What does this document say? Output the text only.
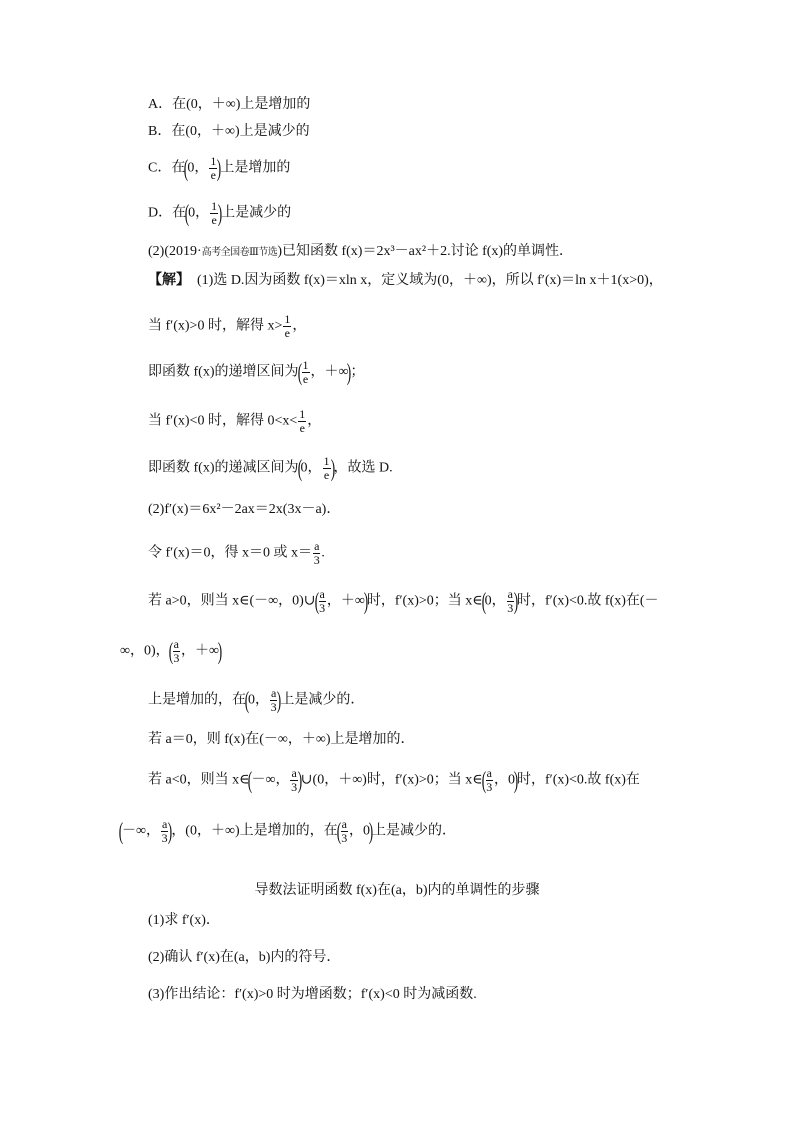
A．在(0，＋∞)上是增加的
B．在(0，＋∞)上是减少的
C．在(0， $\frac{1}{e}$ )上是增加的
D．在(0， $\frac{1}{e}$ )上是减少的
(2)(2019·高考全国卷Ⅲ节选)已知函数 f(x)＝2x³－ax²＋2.讨论 f(x)的单调性．
【解】 (1)选 D.因为函数 f(x)＝xln x，定义域为(0，＋∞)，所以 f′(x)＝ln x＋1(x>0)，
当 f′(x)>0 时，解得 $x> \frac{1}{e}$ ，
即函数 f(x)的递增区间为( $\frac{1}{e}$ ，＋∞)；
当 f′(x)<0 时，解得 $0<x< \frac{1}{e}$ ，
即函数 f(x)的递减区间为(0， $\frac{1}{e}$ )，故选 D.
(2)f′(x)＝6x²－2ax＝2x(3x－a)．
令 f′(x)＝0，得 x＝0 或 $x= \frac{a}{3}$ .
若 a>0，则当 x∈(－∞，0)∪( $\frac{a}{3}$ ，＋∞)时，f′(x)>0；当 x∈(0， $\frac{a}{3}$ )时，f′(x)<0.故 f(x)在(－
∞，0)，( $\frac{a}{3}$ ，＋∞)
上是增加的，在(0， $\frac{a}{3}$ )上是减少的．
若 a＝0，则 f(x)在(－∞，＋∞)上是增加的．
若 a<0，则当 x∈(－∞， $\frac{a}{3}$ )∪(0，＋∞)时，f′(x)>0；当 x∈( $\frac{a}{3}$ ，0)时，f′(x)<0.故 f(x)在
(－∞， $\frac{a}{3}$ )，(0，＋∞)上是增加的，在( $\frac{a}{3}$ ，0)上是减少的．
导数法证明函数 f(x)在(a，b)内的单调性的步骤
(1)求 f′(x)．
(2)确认 f′(x)在(a，b)内的符号．
(3)作出结论：f′(x)>0 时为增函数；f′(x)<0 时为减函数.
